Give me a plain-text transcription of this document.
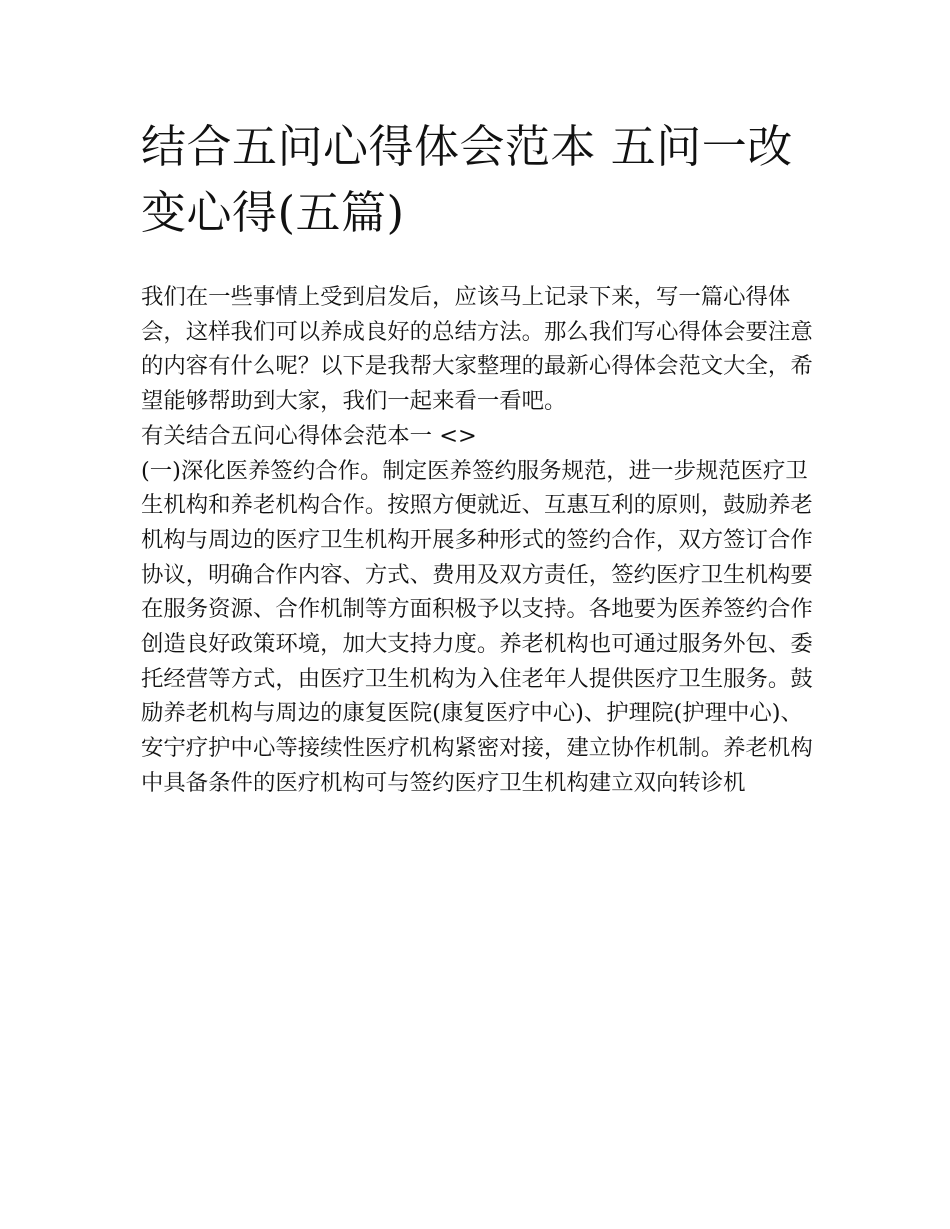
结合五问心得体会范本 五问一改变心得(五篇)

我们在一些事情上受到启发后，应该马上记录下来，写一篇心得体会，这样我们可以养成良好的总结方法。那么我们写心得体会要注意的内容有什么呢？以下是我帮大家整理的最新心得体会范文大全，希望能够帮助到大家，我们一起来看一看吧。

有关结合五问心得体会范本一 <>

(一)深化医养签约合作。制定医养签约服务规范，进一步规范医疗卫生机构和养老机构合作。按照方便就近、互惠互利的原则，鼓励养老机构与周边的医疗卫生机构开展多种形式的签约合作，双方签订合作协议，明确合作内容、方式、费用及双方责任，签约医疗卫生机构要在服务资源、合作机制等方面积极予以支持。各地要为医养签约合作创造良好政策环境，加大支持力度。养老机构也可通过服务外包、委托经营等方式，由医疗卫生机构为入住老年人提供医疗卫生服务。鼓励养老机构与周边的康复医院(康复医疗中心)、护理院(护理中心)、安宁疗护中心等接续性医疗机构紧密对接，建立协作机制。养老机构中具备条件的医疗机构可与签约医疗卫生机构建立双向转诊机
